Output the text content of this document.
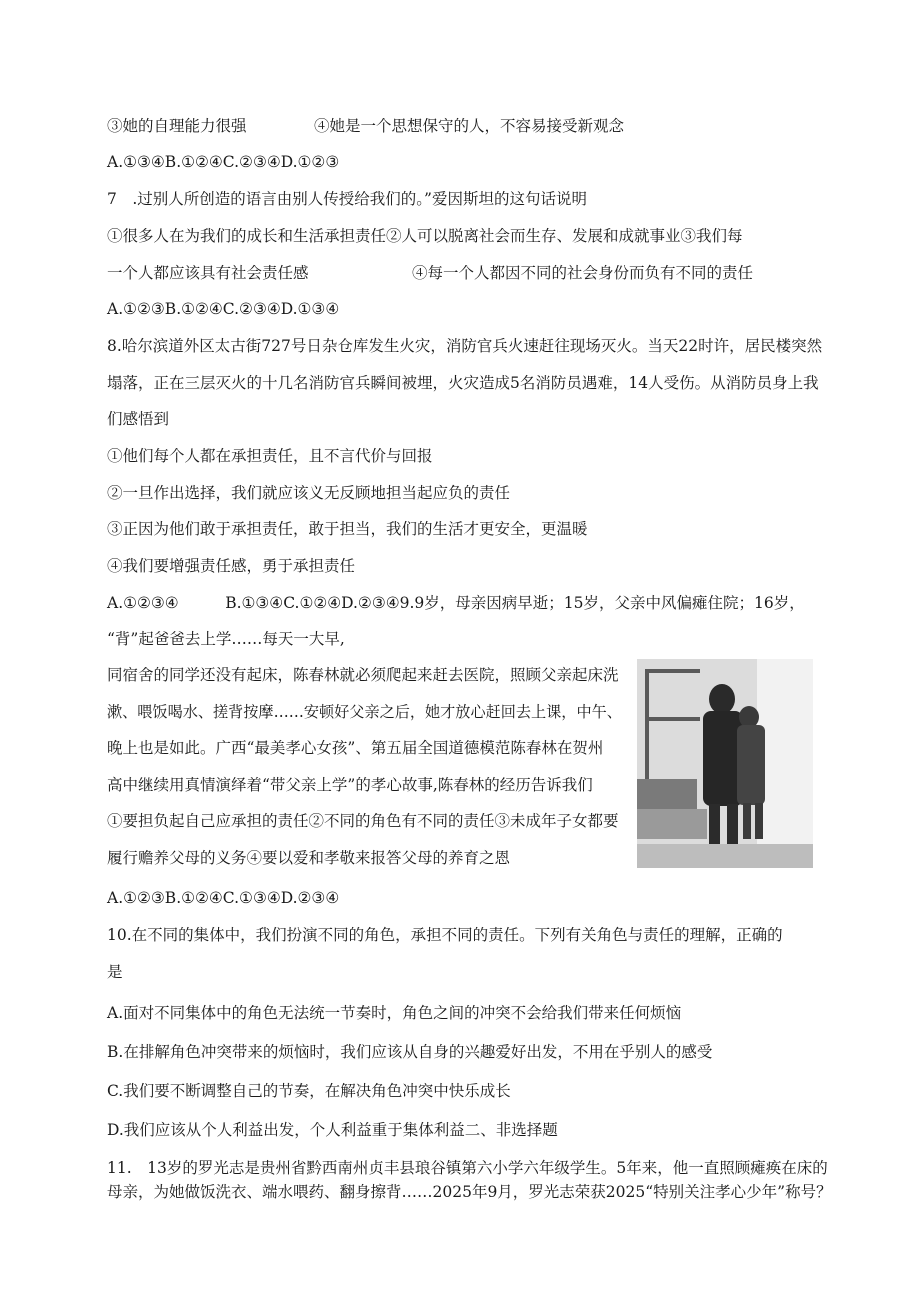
③她的自理能力很强	④她是一个思想保守的人，不容易接受新观念
A.①③④B.①②④C.②③④D.①②③
7　.过别人所创造的语言由别人传授给我们的。”爱因斯坦的这句话说明
①很多人在为我们的成长和生活承担责任②人可以脱离社会而生存、发展和成就事业③我们每
一个人都应该具有社会责任感	④每一个人都因不同的社会身份而负有不同的责任
A.①②③B.①②④C.②③④D.①③④
8.哈尔滨道外区太古街727号日杂仓库发生火灾，消防官兵火速赶往现场灭火。当天22时许，居民楼突然
塌落，正在三层灭火的十几名消防官兵瞬间被埋，火灾造成5名消防员遇难，14人受伤。从消防员身上我
们感悟到
①他们每个人都在承担责任，且不言代价与回报
②一旦作出选择，我们就应该义无反顾地担当起应负的责任
③正因为他们敢于承担责任，敢于担当，我们的生活才更安全，更温暖
④我们要增强责任感，勇于承担责任
A.①②③④　　　B.①③④C.①②④D.②③④9.9岁，母亲因病早逝；15岁，父亲中风偏瘫住院；16岁，
“背”起爸爸去上学……每天一大早,
同宿舍的同学还没有起床，陈春林就必须爬起来赶去医院，照顾父亲起床洗
漱、喂饭喝水、搓背按摩……安顿好父亲之后，她才放心赶回去上课，中午、
晚上也是如此。广西“最美孝心女孩”、第五届全国道德模范陈春林在贺州
高中继续用真情演绎着“带父亲上学”的孝心故事,陈春林的经历告诉我们
①要担负起自己应承担的责任②不同的角色有不同的责任③未成年子女都要
履行赡养父母的义务④要以爱和孝敬来报答父母的养育之恩
A.①②③B.①②④C.①③④D.②③④
10.在不同的集体中，我们扮演不同的角色，承担不同的责任。下列有关角色与责任的理解，正确的
是
A.面对不同集体中的角色无法统一节奏时，角色之间的冲突不会给我们带来任何烦恼
B.在排解角色冲突带来的烦恼时，我们应该从自身的兴趣爱好出发，不用在乎别人的感受
C.我们要不断调整自己的节奏，在解决角色冲突中快乐成长
D.我们应该从个人利益出发，个人利益重于集体利益二、非选择题
11.　13岁的罗光志是贵州省黔西南州贞丰县琅谷镇第六小学六年级学生。5年来，他一直照顾瘫痪在床的
母亲，为她做饭洗衣、端水喂药、翻身擦背……2025年9月，罗光志荣获2025“特别关注孝心少年”称号？
